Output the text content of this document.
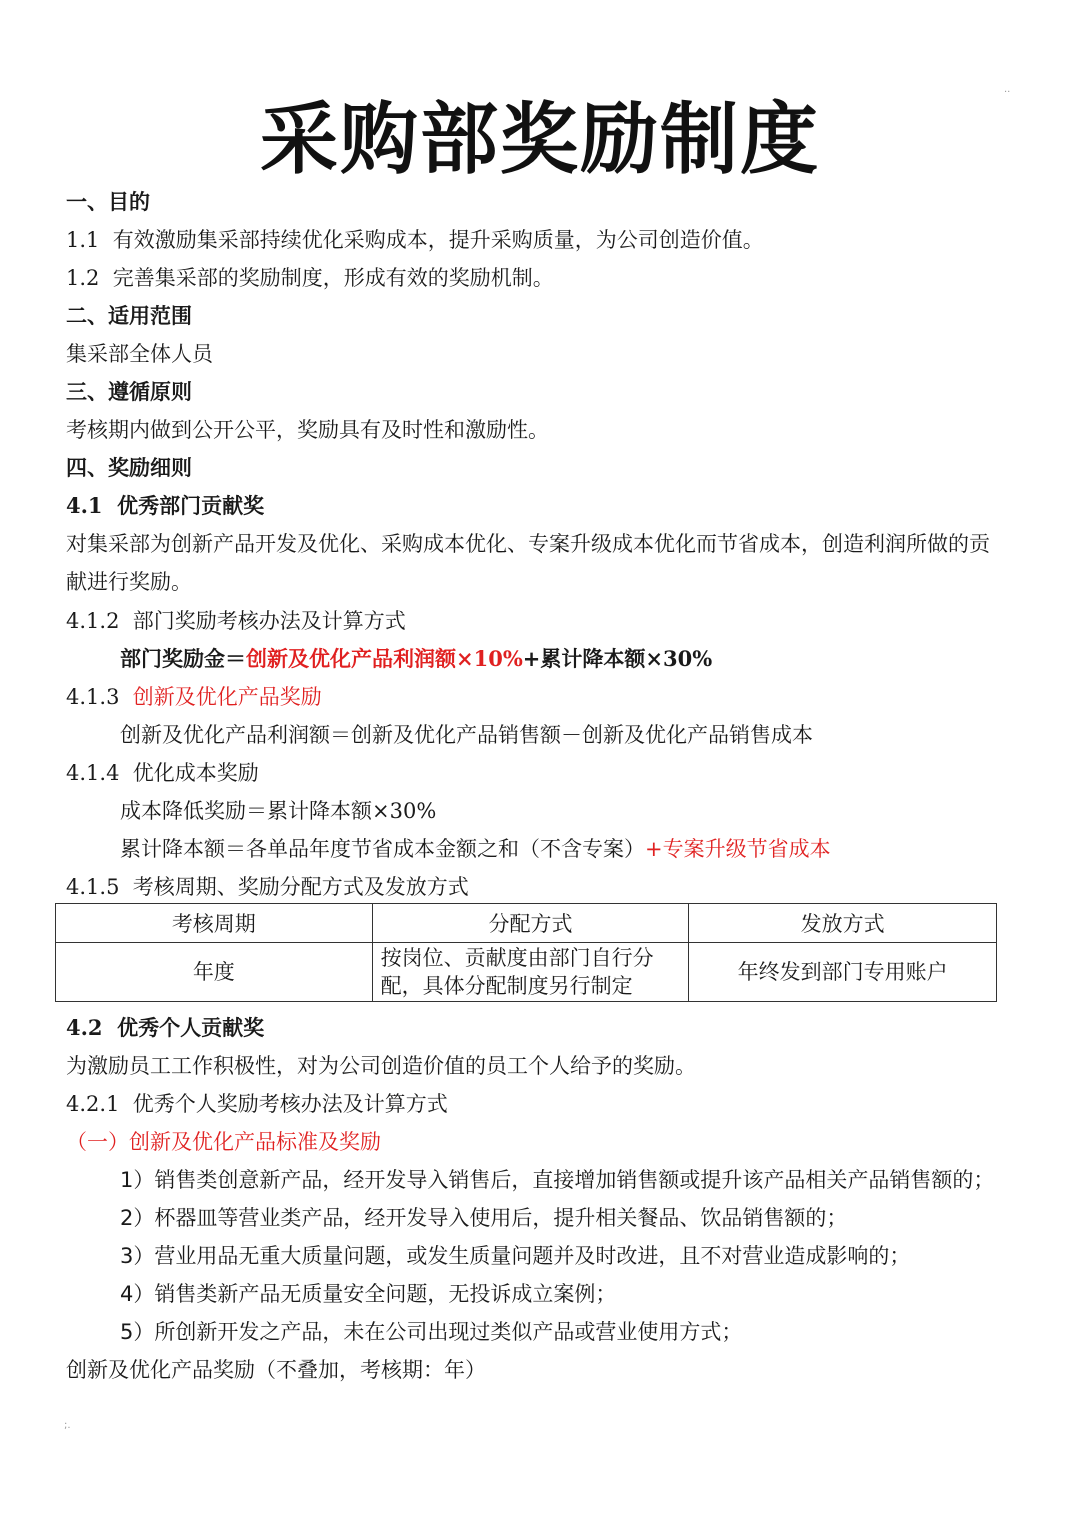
..
采购部奖励制度
一、目的
1.1 有效激励集采部持续优化采购成本，提升采购质量，为公司创造价值。
1.2 完善集采部的奖励制度，形成有效的奖励机制。
二、适用范围
集采部全体人员
三、遵循原则
考核期内做到公开公平，奖励具有及时性和激励性。
四、奖励细则
4.1 优秀部门贡献奖
对集采部为创新产品开发及优化、采购成本优化、专案升级成本优化而节省成本，创造利润所做的贡
献进行奖励。
4.1.2 部门奖励考核办法及计算方式
部门奖励金＝创新及优化产品利润额×10%+累计降本额×30%
4.1.3 创新及优化产品奖励
创新及优化产品利润额＝创新及优化产品销售额－创新及优化产品销售成本
4.1.4 优化成本奖励
成本降低奖励＝累计降本额×30%
累计降本额＝各单品年度节省成本金额之和（不含专案）+专案升级节省成本
4.1.5 考核周期、奖励分配方式及发放方式
考核周期	分配方式	发放方式
年度	按岗位、贡献度由部门自行分
配，具体分配制度另行制定	年终发到部门专用账户
4.2 优秀个人贡献奖
为激励员工工作积极性，对为公司创造价值的员工个人给予的奖励。
4.2.1 优秀个人奖励考核办法及计算方式
（一）创新及优化产品标准及奖励
1）销售类创意新产品，经开发导入销售后，直接增加销售额或提升该产品相关产品销售额的；
2）杯器皿等营业类产品，经开发导入使用后，提升相关餐品、饮品销售额的；
3）营业用品无重大质量问题，或发生质量问题并及时改进，且不对营业造成影响的；
4）销售类新产品无质量安全问题，无投诉成立案例；
5）所创新开发之产品，未在公司出现过类似产品或营业使用方式；
创新及优化产品奖励（不叠加，考核期：年）
;.
